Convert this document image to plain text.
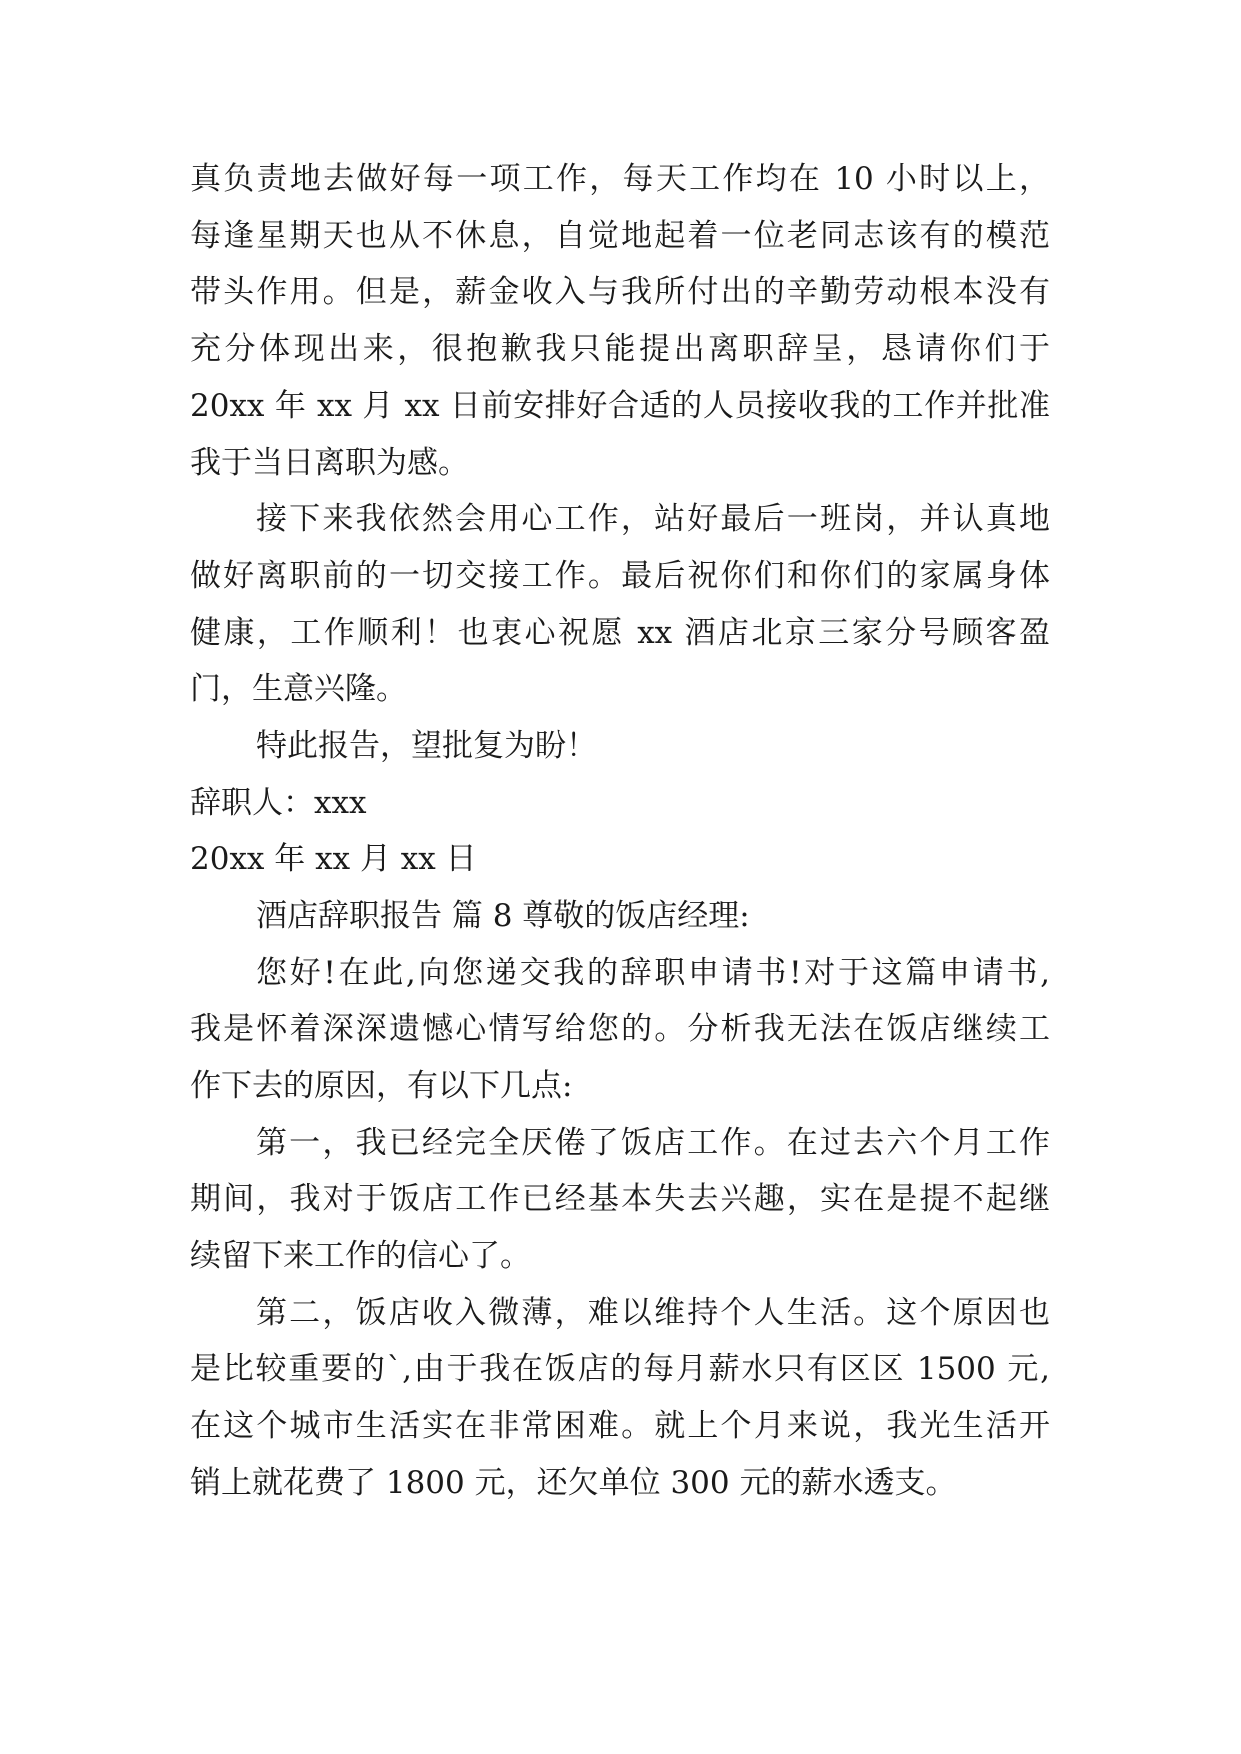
真负责地去做好每一项工作，每天工作均在 10 小时以上，
每逢星期天也从不休息，自觉地起着一位老同志该有的模范
带头作用。但是，薪金收入与我所付出的辛勤劳动根本没有
充分体现出来，很抱歉我只能提出离职辞呈，恳请你们于
20xx 年 xx 月 xx 日前安排好合适的人员接收我的工作并批准
我于当日离职为感。
接下来我依然会用心工作，站好最后一班岗，并认真地
做好离职前的一切交接工作。最后祝你们和你们的家属身体
健康，工作顺利！也衷心祝愿 xx 酒店北京三家分号顾客盈
门，生意兴隆。
特此报告，望批复为盼！
辞职人：xxx
20xx 年 xx 月 xx 日
酒店辞职报告 篇 8 尊敬的饭店经理:
您好!在此,向您递交我的辞职申请书!对于这篇申请书,
我是怀着深深遗憾心情写给您的。分析我无法在饭店继续工
作下去的原因，有以下几点:
第一，我已经完全厌倦了饭店工作。在过去六个月工作
期间，我对于饭店工作已经基本失去兴趣，实在是提不起继
续留下来工作的信心了。
第二，饭店收入微薄，难以维持个人生活。这个原因也
是比较重要的`,由于我在饭店的每月薪水只有区区 1500 元,
在这个城市生活实在非常困难。就上个月来说，我光生活开
销上就花费了 1800 元，还欠单位 300 元的薪水透支。
